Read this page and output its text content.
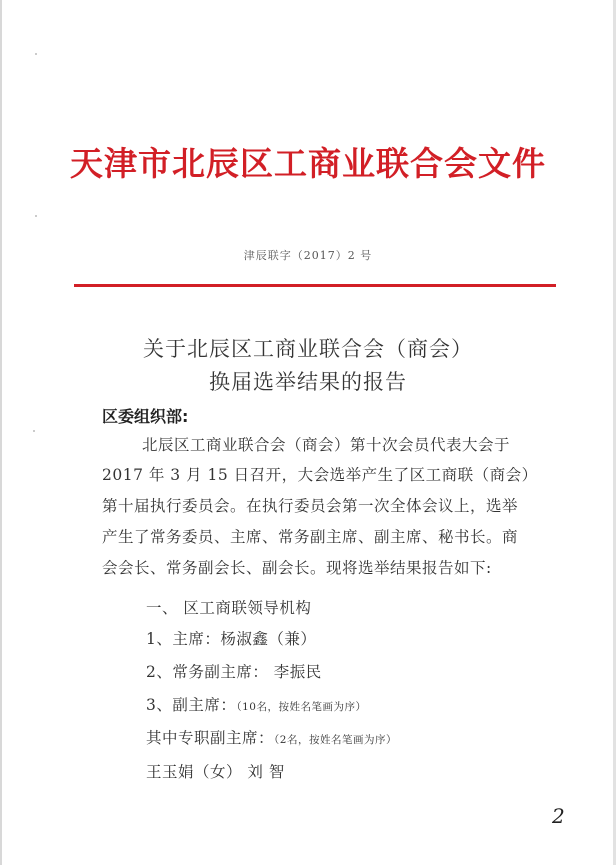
天津市北辰区工商业联合会文件
津辰联字（2017）2 号
关于北辰区工商业联合会（商会）
换届选举结果的报告
区委组织部:
北辰区工商业联合会（商会）第十次会员代表大会于
2017 年 3 月 15 日召开，大会选举产生了区工商联（商会）
第十届执行委员会。在执行委员会第一次全体会议上，选举
产生了常务委员、主席、常务副主席、副主席、秘书长。商
会会长、常务副会长、副会长。现将选举结果报告如下:
一、 区工商联领导机构
1、主席：杨淑鑫（兼）
2、常务副主席： 李振民
3、副主席：（10名，按姓名笔画为序）
其中专职副主席：（2名，按姓名笔画为序）
王玉娟（女） 刘 智
2
